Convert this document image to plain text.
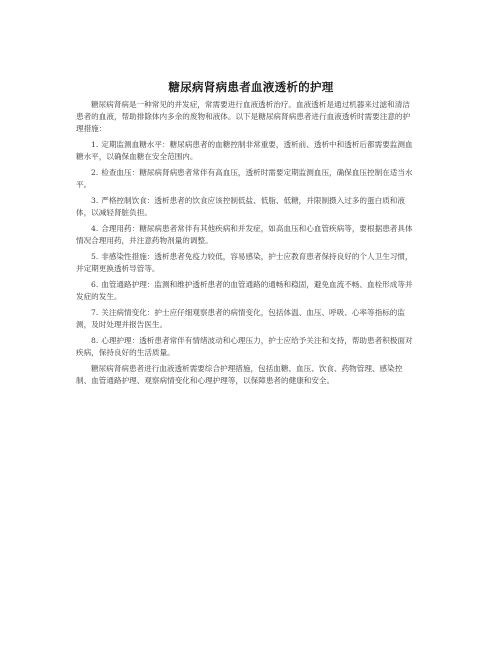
糖尿病肾病患者血液透析的护理

糖尿病肾病是一种常见的并发症，常需要进行血液透析治疗。血液透析是通过机器来过滤和清洁患者的血液，帮助排除体内多余的废物和液体。以下是糖尿病肾病患者进行血液透析时需要注意的护理措施：

1. 定期监测血糖水平：糖尿病患者的血糖控制非常重要，透析前、透析中和透析后都需要监测血糖水平，以确保血糖在安全范围内。

2. 检查血压：糖尿病肾病患者常伴有高血压，透析时需要定期监测血压，确保血压控制在适当水平。

3. 严格控制饮食：透析患者的饮食应该控制低盐、低脂、低糖，并限制摄入过多的蛋白质和液体，以减轻肾脏负担。

4. 合理用药：糖尿病患者常伴有其他疾病和并发症，如高血压和心血管疾病等，要根据患者具体情况合理用药，并注意药物剂量的调整。

5. 非感染性措施：透析患者免疫力较低，容易感染，护士应教育患者保持良好的个人卫生习惯，并定期更换透析导管等。

6. 血管通路护理：监测和维护透析患者的血管通路的通畅和稳固，避免血流不畅、血栓形成等并发症的发生。

7. 关注病情变化：护士应仔细观察患者的病情变化，包括体温、血压、呼吸、心率等指标的监测，及时处理并报告医生。

8. 心理护理：透析患者常伴有情绪波动和心理压力，护士应给予关注和支持，帮助患者积极面对疾病，保持良好的生活质量。

糖尿病肾病患者进行血液透析需要综合护理措施，包括血糖、血压、饮食、药物管理、感染控制、血管通路护理、观察病情变化和心理护理等，以保障患者的健康和安全。
